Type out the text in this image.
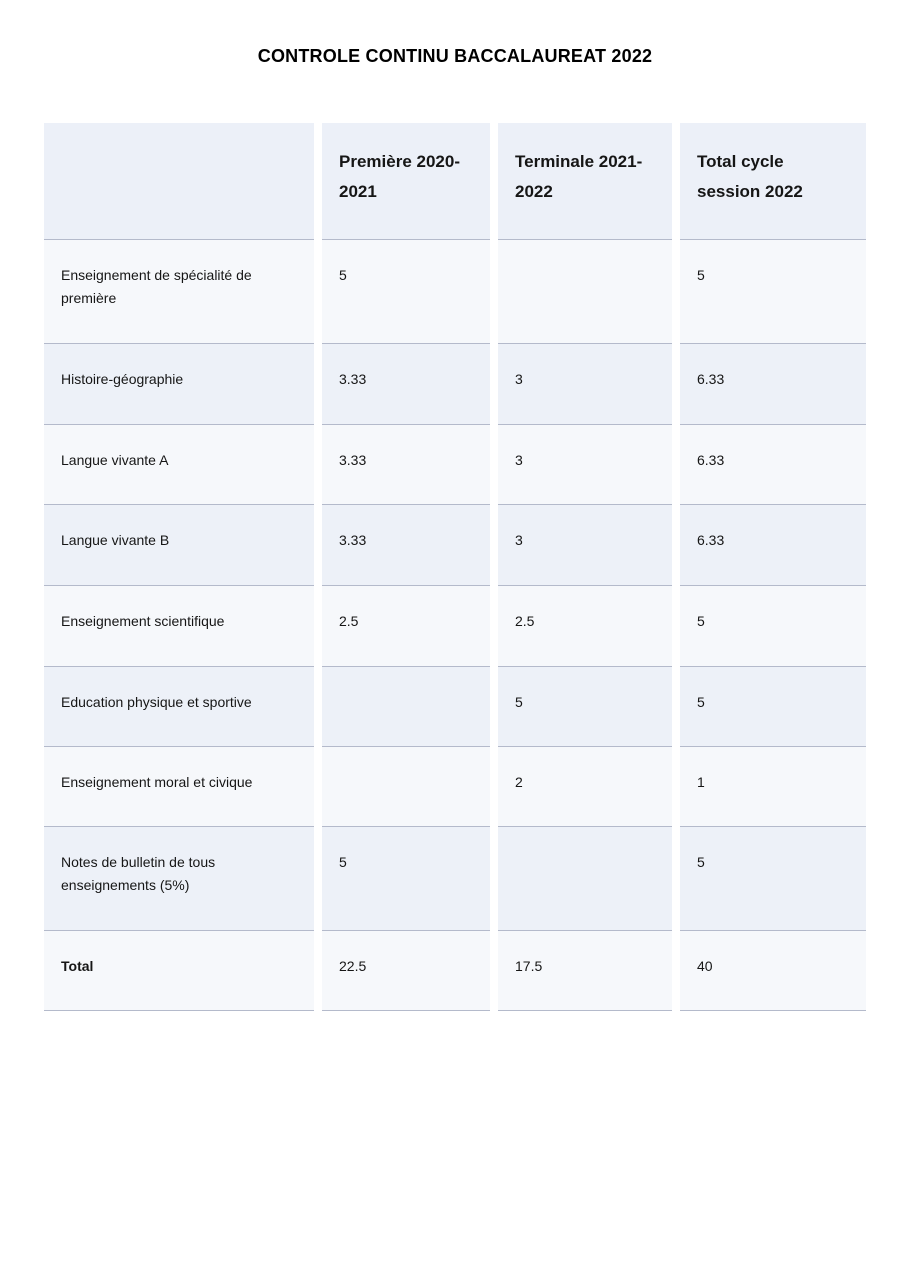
CONTROLE CONTINU BACCALAUREAT 2022
		Première 2020-2021		Terminale 2021-2022		Total cycle session 2022
Enseignement de spécialité de première		5				5
Histoire-géographie		3.33		3		6.33
Langue vivante A		3.33		3		6.33
Langue vivante B		3.33		3		6.33
Enseignement scientifique		2.5		2.5		5
Education physique et sportive				5		5
Enseignement moral et civique				2		1
Notes de bulletin de tous enseignements (5%)		5				5
Total		22.5		17.5		40
